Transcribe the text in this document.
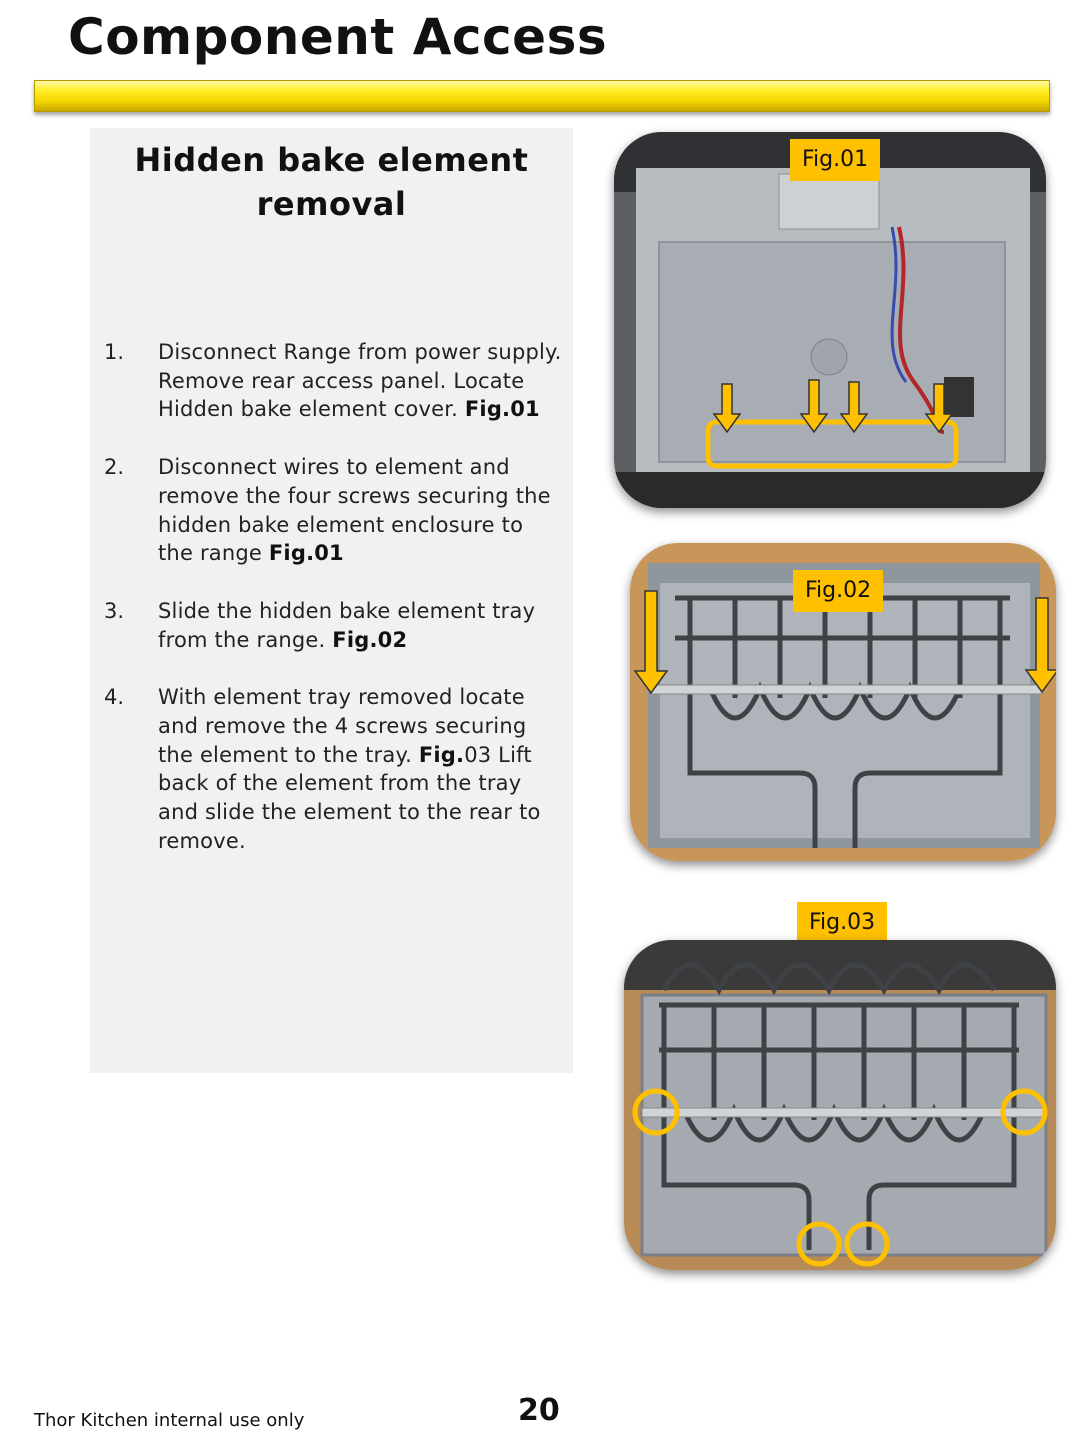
Component Access
Hidden bake element
removal
1. Disconnect Range from power supply. Remove rear access panel. Locate Hidden bake element cover. Fig.01
2. Disconnect wires to element and remove the four screws securing the hidden bake element enclosure to the range Fig.01
3. Slide the hidden bake element tray from the range. Fig.02
4. With element tray removed locate and remove the 4 screws securing the element to the tray. Fig.03 Lift back of the element from the tray and slide the element to the rear to remove.
Fig.01
Fig.02
Fig.03
Thor Kitchen internal use only	20
